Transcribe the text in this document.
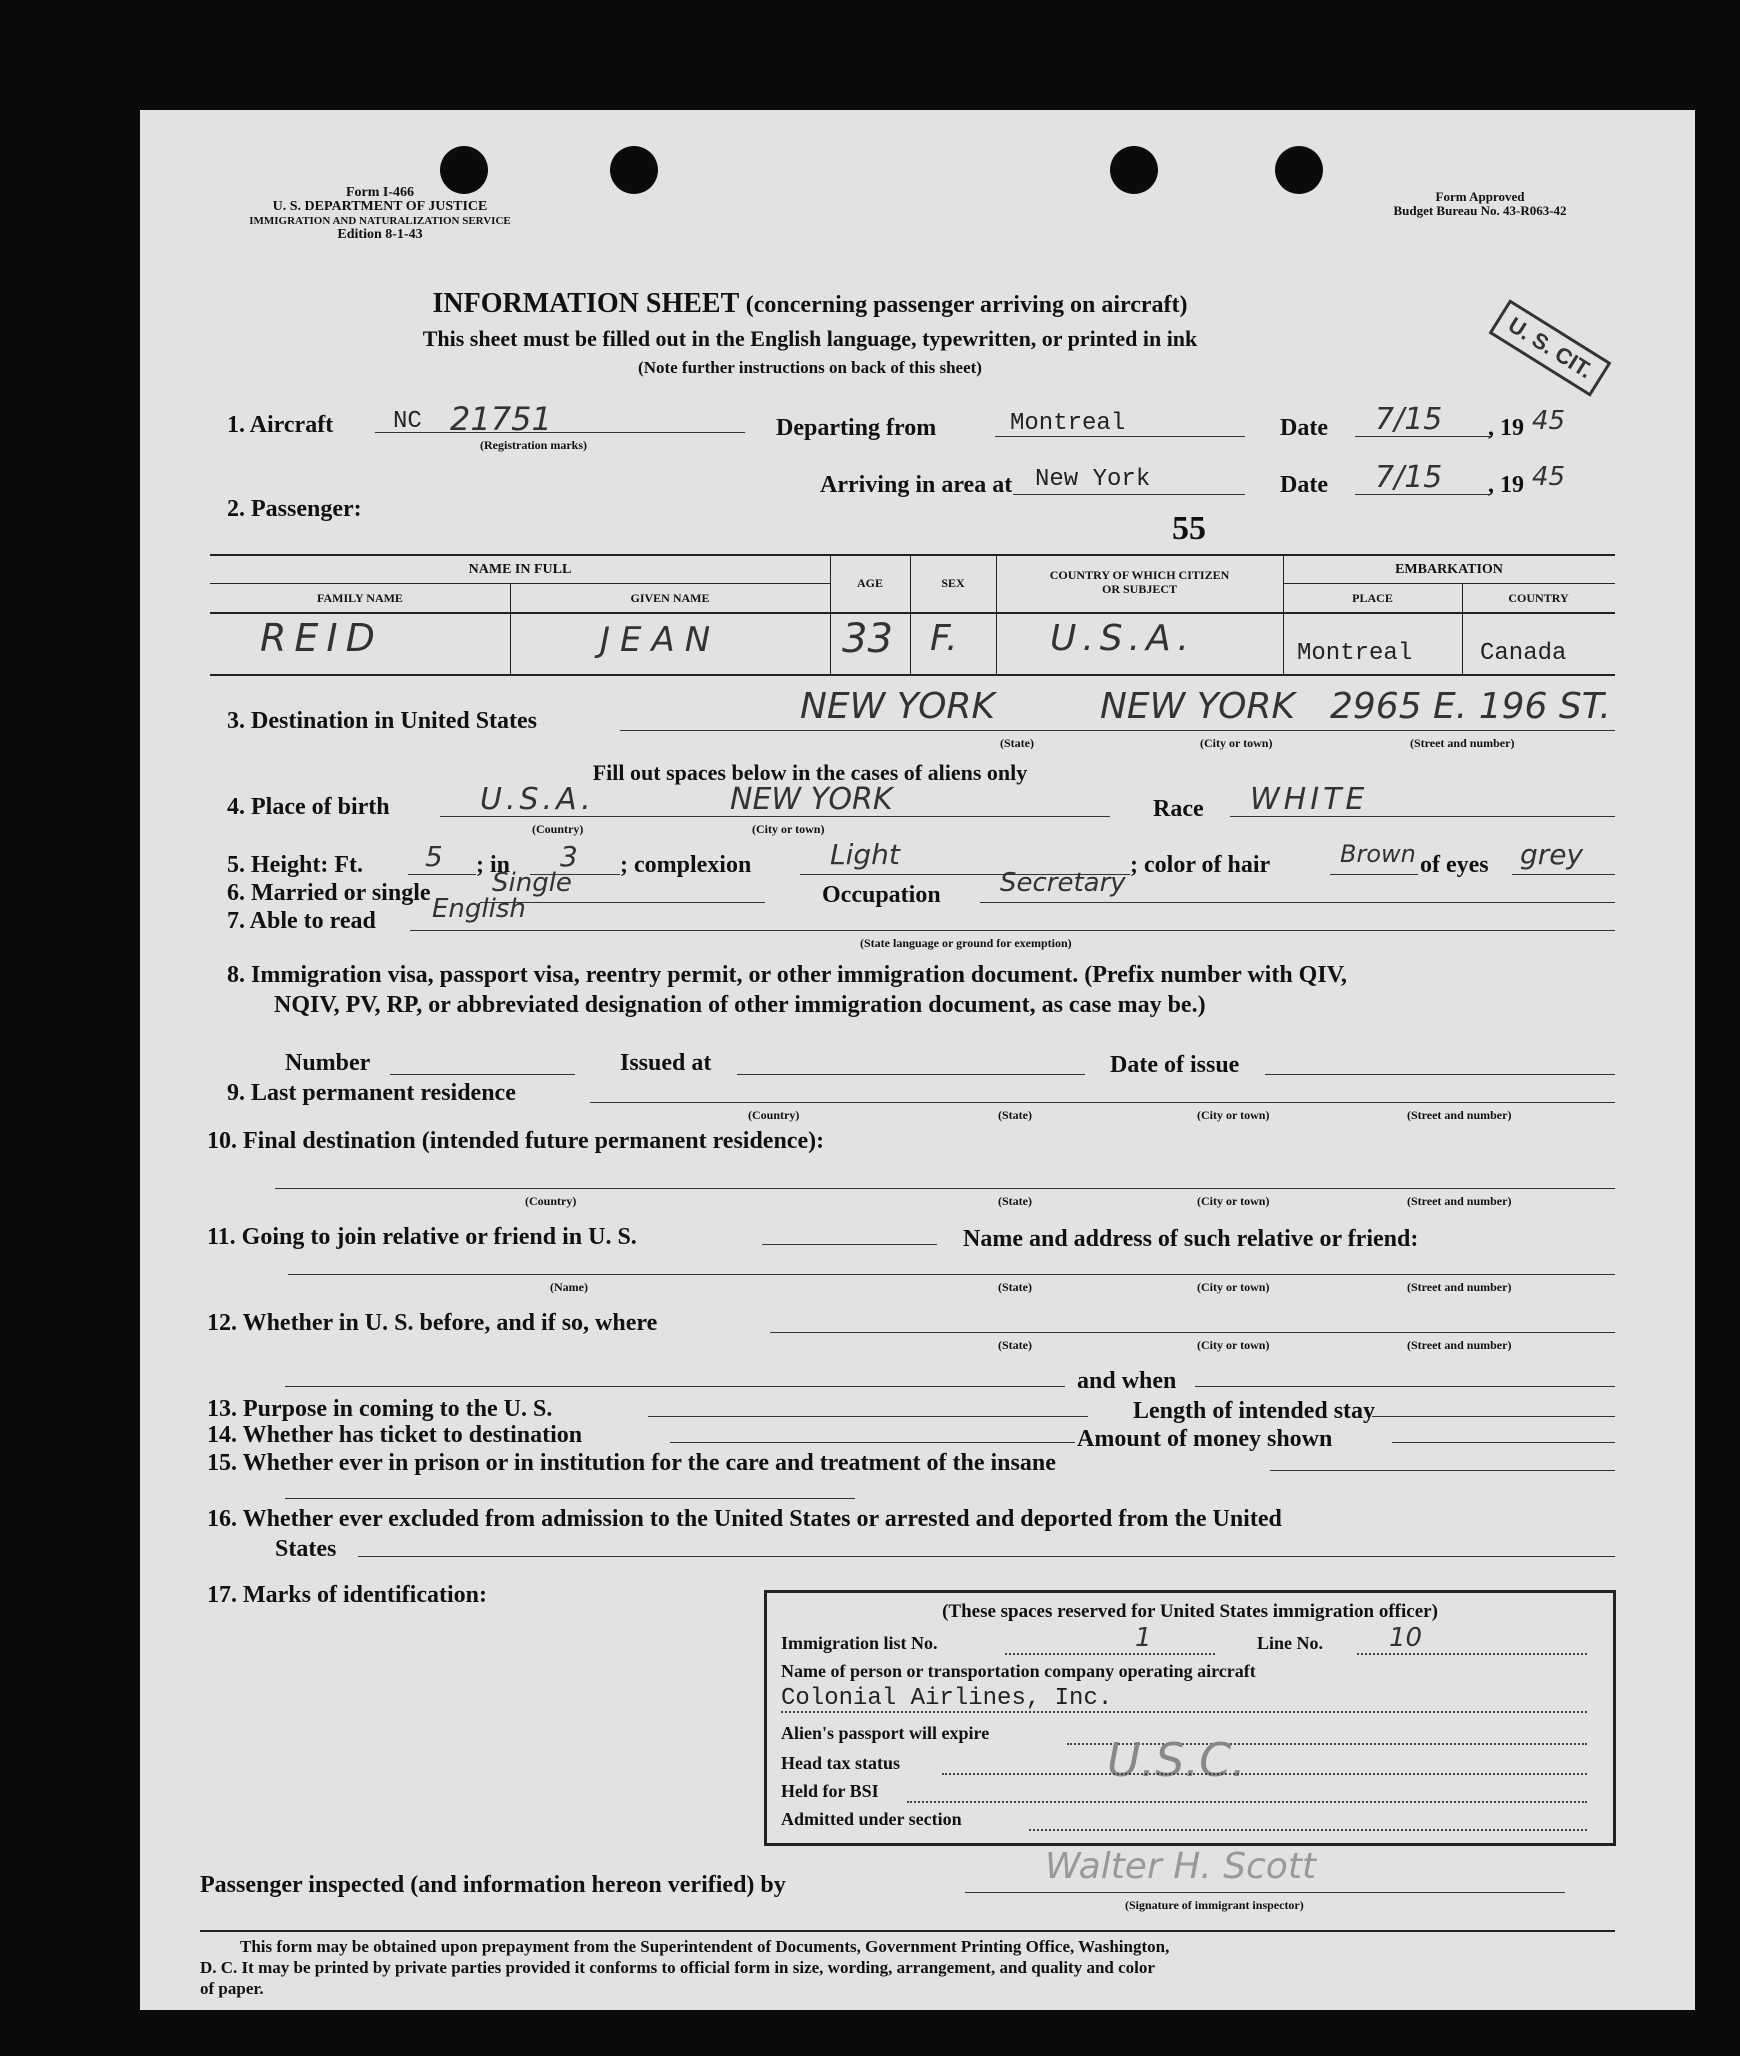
Form I-466
U. S. DEPARTMENT OF JUSTICE
IMMIGRATION AND NATURALIZATION SERVICE
Edition 8-1-43
Form Approved
Budget Bureau No. 43-R063-42
INFORMATION SHEET (concerning passenger arriving on aircraft)
This sheet must be filled out in the English language, typewritten, or printed in ink
(Note further instructions on back of this sheet)	U. S. CIT.
1. Aircraft NC 21751
(Registration marks)
Departing from	Montreal	Date 7/15 , 19 45
Arriving in area at New York	Date 7/15 , 19 45
2. Passenger:
55
NAME IN FULL
FAMILY NAME	GIVEN NAME
AGE	SEX
COUNTRY OF WHICH CITIZEN
OR SUBJECT
EMBARKATION
PLACE	COUNTRY
REID	JEAN	33 F.	U.S.A.	Montreal	Canada
3. Destination in United States	NEW YORK	NEW YORK 2965 E. 196 ST.
(State)	(City or town)	(Street and number)
Fill out spaces below in the cases of aliens only
4. Place of birth	U.S.A.	NEW YORK
(Country)	(City or town)
Race WHITE
5. Height: Ft. 5 ; in 3 ; complexion	Light	; color of hair	Brown of eyes grey
6. Married or single Single	Occupation Secretary
7. Able to read English
(State language or ground for exemption)
8. Immigration visa, passport visa, reentry permit, or other immigration document. (Prefix number with QIV,
NQIV, PV, RP, or abbreviated designation of other immigration document, as case may be.)
Number	Issued at	Date of issue
9. Last permanent residence
(Country)	(State)	(City or town)	(Street and number)
10. Final destination (intended future permanent residence):
(Country)	(State)	(City or town)	(Street and number)
11. Going to join relative or friend in U. S.	Name and address of such relative or friend:
(Name)	(State)	(City or town)	(Street and number)
12. Whether in U. S. before, and if so, where
(State)	(City or town)	(Street and number)
and when
13. Purpose in coming to the U. S.	Length of intended stay
14. Whether has ticket to destination	Amount of money shown
15. Whether ever in prison or in institution for the care and treatment of the insane
16. Whether ever excluded from admission to the United States or arrested and deported from the United
States
17. Marks of identification:
(These spaces reserved for United States immigration officer)
Immigration list No.	1	Line No.	10
Name of person or transportation company operating aircraft
Colonial Airlines, Inc.
Alien's passport will expire
Head tax status	U.S.C.
Held for BSI
Admitted under section
Passenger inspected (and information hereon verified) by	Walter H. Scott
(Signature of immigrant inspector)
This form may be obtained upon prepayment from the Superintendent of Documents, Government Printing Office, Washington,
D. C. It may be printed by private parties provided it conforms to official form in size, wording, arrangement, and quality and color
of paper.
